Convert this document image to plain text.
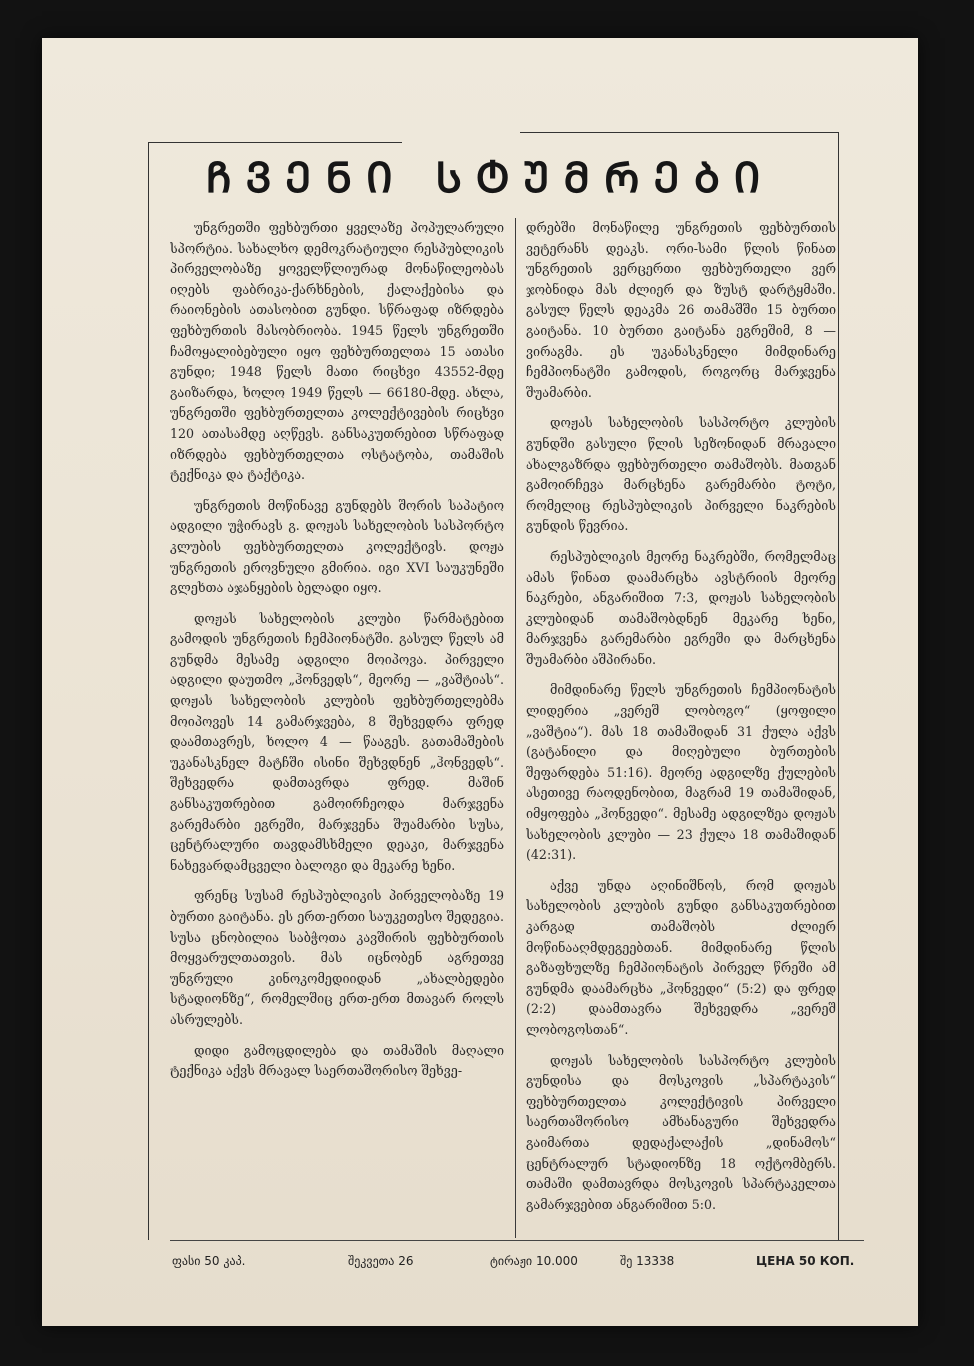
ᲩᲕᲔᲜᲘ ᲡᲢᲣᲛᲠᲔᲑᲘ

უნგრეთში ფეხბურთი ყველაზე პოპულარული სპორტია. სახალხო დემოკრატიული რესპუბლიკის პირველობაზე ყოველწლიურად მონაწილეობას იღებს ფაბრიკა-ქარხნების, ქალაქებისა და რაიონების ათასობით გუნდი. სწრაფად იზრდება ფეხბურთის მასობრიობა. 1945 წელს უნგრეთში ჩამოყალიბებული იყო ფეხბურთელთა 15 ათასი გუნდი; 1948 წელს მათი რიცხვი 43552-მდე გაიზარდა, ხოლო 1949 წელს — 66180-მდე. ახლა, უნგრეთში ფეხბურთელთა კოლექტივების რიცხვი 120 ათასამდე აღწევს. განსაკუთრებით სწრაფად იზრდება ფეხბურთელთა ოსტატობა, თამაშის ტექნიკა და ტაქტიკა.

უნგრეთის მოწინავე გუნდებს შორის საპატიო ადგილი უჭირავს გ. დოჟას სახელობის სასპორტო კლუბის ფეხბურთელთა კოლექტივს. დოჟა უნგრეთის ეროვნული გმირია. იგი XVI საუკუნეში გლეხთა აჯანყების ბელადი იყო.

დოჟას სახელობის კლუბი წარმატებით გამოდის უნგრეთის ჩემპიონატში. გასულ წელს ამ გუნდმა მესამე ადგილი მოიპოვა. პირველი ადგილი დაუთმო „ჰონვედს“, მეორე — „ვაშტიას“. დოჟას სახელობის კლუბის ფეხბურთელებმა მოიპოვეს 14 გამარჯვება, 8 შეხვედრა ფრედ დაამთავრეს, ხოლო 4 — წააგეს. გათამაშების უკანასკნელ მატჩში ისინი შეხვდნენ „ჰონვედს“. შეხვედრა დამთავრდა ფრედ. მაშინ განსაკუთრებით გამოირჩეოდა მარჯვენა გარემარბი ეგრეში, მარჯვენა შუამარბი სუსა, ცენტრალური თავდამსხმელი დეაკი, მარჯვენა ნახევარდამცველი ბალოგი და მეკარე ხენი.

ფრენც სუსამ რესპუბლიკის პირველობაზე 19 ბურთი გაიტანა. ეს ერთ-ერთი საუკეთესო შედეგია. სუსა ცნობილია საბჭოთა კავშირის ფეხბურთის მოყვარულთათვის. მას იცნობენ აგრეთვე უნგრული კინოკომედიიდან „ახალბედები სტადიონზე“, რომელშიც ერთ-ერთ მთავარ როლს ასრულებს.

დიდი გამოცდილება და თამაშის მაღალი ტექნიკა აქვს მრავალ საერთაშორისო შეხვე-

დრებში მონაწილე უნგრეთის ფეხბურთის ვეტერანს დეაკს. ორი-სამი წლის წინათ უნგრეთის ვერცერთი ფეხბურთელი ვერ ჯობნიდა მას ძლიერ და ზუსტ დარტყმაში. გასულ წელს დეაკმა 26 თამაშში 15 ბურთი გაიტანა. 10 ბურთი გაიტანა ეგრეშიმ, 8 — ვირაგმა. ეს უკანასკნელი მიმდინარე ჩემპიონატში გამოდის, როგორც მარჯვენა შუამარბი.

დოჟას სახელობის სასპორტო კლუბის გუნდში გასული წლის სეზონიდან მრავალი ახალგაზრდა ფეხბურთელი თამაშობს. მათგან გამოირჩევა მარცხენა გარემარბი ტოტი, რომელიც რესპუბლიკის პირველი ნაკრების გუნდის წევრია.

რესპუბლიკის მეორე ნაკრებში, რომელმაც ამას წინათ დაამარცხა ავსტრიის მეორე ნაკრები, ანგარიშით 7:3, დოჟას სახელობის კლუბიდან თამაშობდნენ მეკარე ხენი, მარჯვენა გარემარბი ეგრეში და მარცხენა შუამარბი აშპირანი.

მიმდინარე წელს უნგრეთის ჩემპიონატის ლიდერია „ვერეშ ლობოგო“ (ყოფილი „ვაშტია“). მას 18 თამაშიდან 31 ქულა აქვს (გატანილი და მიღებული ბურთების შეფარდება 51:16). მეორე ადგილზე ქულების ასეთივე რაოდენობით, მაგრამ 19 თამაშიდან, იმყოფება „ჰონვედი“. მესამე ადგილზეა დოჟას სახელობის კლუბი — 23 ქულა 18 თამაშიდან (42:31).

აქვე უნდა აღინიშნოს, რომ დოჟას სახელობის კლუბის გუნდი განსაკუთრებით კარგად თამაშობს ძლიერ მოწინააღმდეგეებთან. მიმდინარე წლის გაზაფხულზე ჩემპიონატის პირველ წრეში ამ გუნდმა დაამარცხა „ჰონვედი“ (5:2) და ფრედ (2:2) დაამთავრა შეხვედრა „ვერეშ ლობოგოსთან“.

დოჟას სახელობის სასპორტო კლუბის გუნდისა და მოსკოვის „სპარტაკის“ ფეხბურთელთა კოლექტივის პირველი საერთაშორისო ამხანაგური შეხვედრა გაიმართა დედაქალაქის „დინამოს“ ცენტრალურ სტადიონზე 18 ოქტომბერს. თამაში დამთავრდა მოსკოვის სპარტაკელთა გამარჯვებით ანგარიშით 5:0.

ფასი 50 კაპ.	შეკვეთა 26	ტირაჟი 10.000	შე 13338	ЦЕНА 50 КОП.
